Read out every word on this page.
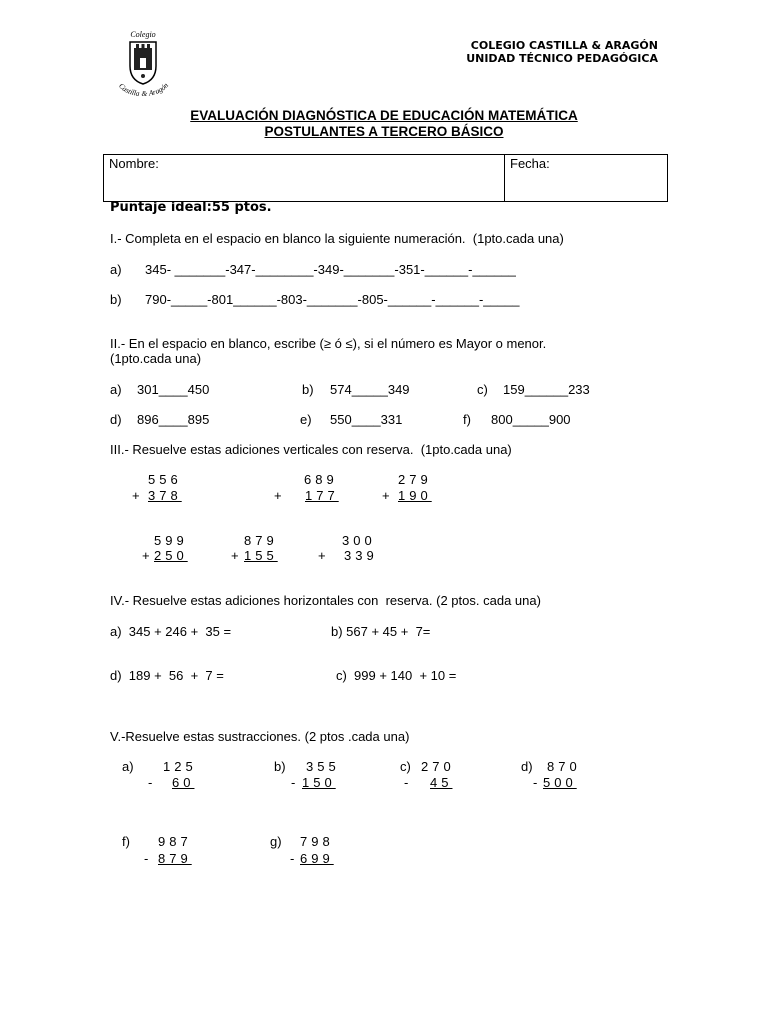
Colegio
Castilla & Aragón
COLEGIO CASTILLA & ARAGÓN
UNIDAD TÉCNICO PEDAGÓGICA
EVALUACIÓN DIAGNÓSTICA DE EDUCACIÓN MATEMÁTICA
POSTULANTES A TERCERO BÁSICO
Nombre:	Fecha:
Puntaje ideal:55 ptos.
I.- Completa en el espacio en blanco la siguiente numeración.  (1pto.cada una)
a) 345- _______-347-________-349-_______-351-______-______
b) 790-_____-801______-803-_______-805-______-______-_____
II.- En el espacio en blanco, escribe (≥ ó ≤), si el número es Mayor o menor.
(1pto.cada una)
a) 301____450	b) 574_____349	c) 159______233
d) 896____895	e) 550____331	f) 800_____900
III.- Resuelve estas adiciones verticales con reserva.  (1pto.cada una)
556
+ 378
689
+ 177
279
+ 190
599
+ 250
879
+ 155
300
+ 339
IV.- Resuelve estas adiciones horizontales con  reserva. (2 ptos. cada una)
a)  345 + 246 +  35 =	b) 567 + 45 +  7=
d)  189 +  56  +  7 =	c)  999 + 140  + 10 =
V.-Resuelve estas sustracciones. (2 ptos .cada una)
a) 125
- 60
b) 355
- 150
c) 270
- 45
d) 870
- 500
f) 987
- 879
g) 798
- 699
